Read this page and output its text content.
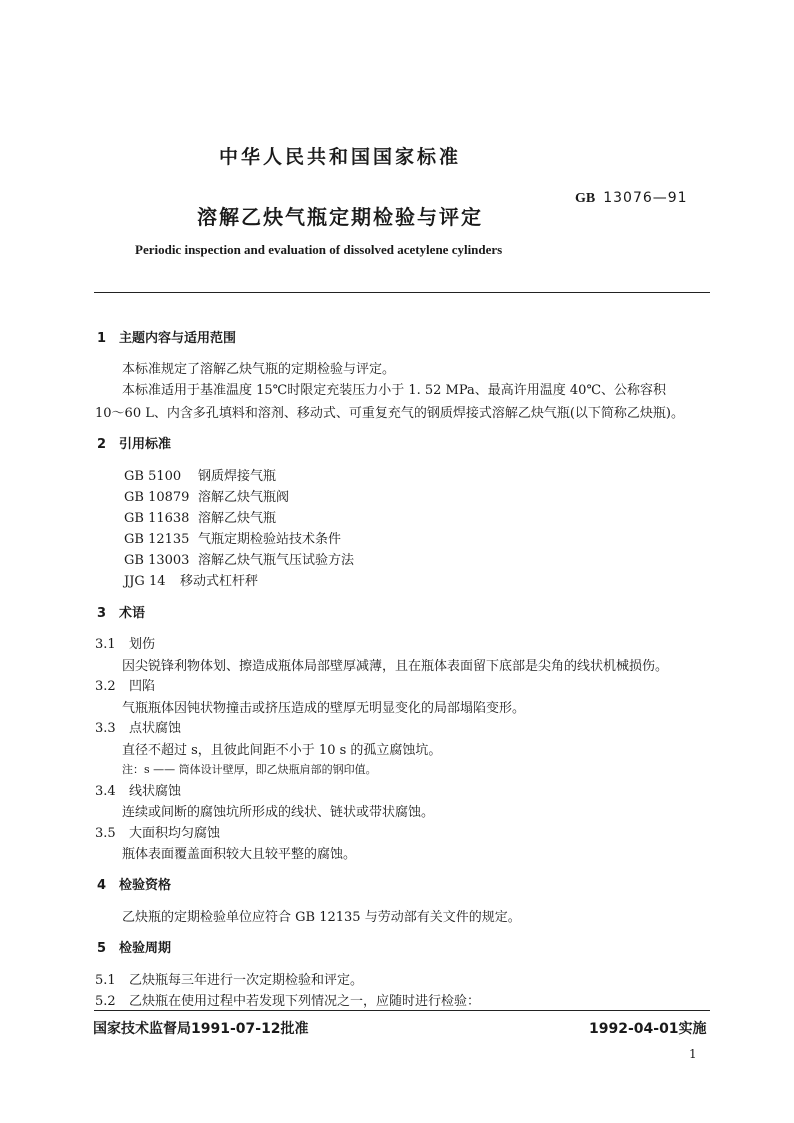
中华人民共和国国家标准
GB 13076—91
溶解乙炔气瓶定期检验与评定
Periodic inspection and evaluation of dissolved acetylene cylinders
1 主题内容与适用范围
本标准规定了溶解乙炔气瓶的定期检验与评定。
本标准适用于基准温度 15℃时限定充装压力小于 1. 52 MPa、最高许用温度 40℃、公称容积
10～60 L、内含多孔填料和溶剂、移动式、可重复充气的钢质焊接式溶解乙炔气瓶(以下简称乙炔瓶)。
2 引用标准
GB 5100 钢质焊接气瓶
GB 10879 溶解乙炔气瓶阀
GB 11638 溶解乙炔气瓶
GB 12135 气瓶定期检验站技术条件
GB 13003 溶解乙炔气瓶气压试验方法
JJG 14 移动式杠杆秤
3 术语
3.1 划伤
因尖锐锋利物体划、擦造成瓶体局部壁厚减薄，且在瓶体表面留下底部是尖角的线状机械损伤。
3.2 凹陷
气瓶瓶体因钝状物撞击或挤压造成的壁厚无明显变化的局部塌陷变形。
3.3 点状腐蚀
直径不超过 s，且彼此间距不小于 10 s 的孤立腐蚀坑。
注：s —— 筒体设计壁厚，即乙炔瓶肩部的钢印值。
3.4 线状腐蚀
连续或间断的腐蚀坑所形成的线状、链状或带状腐蚀。
3.5 大面积均匀腐蚀
瓶体表面覆盖面积较大且较平整的腐蚀。
4 检验资格
乙炔瓶的定期检验单位应符合 GB 12135 与劳动部有关文件的规定。
5 检验周期
5.1 乙炔瓶每三年进行一次定期检验和评定。
5.2 乙炔瓶在使用过程中若发现下列情况之一，应随时进行检验：
国家技术监督局1991-07-12批准	1992-04-01实施
1
